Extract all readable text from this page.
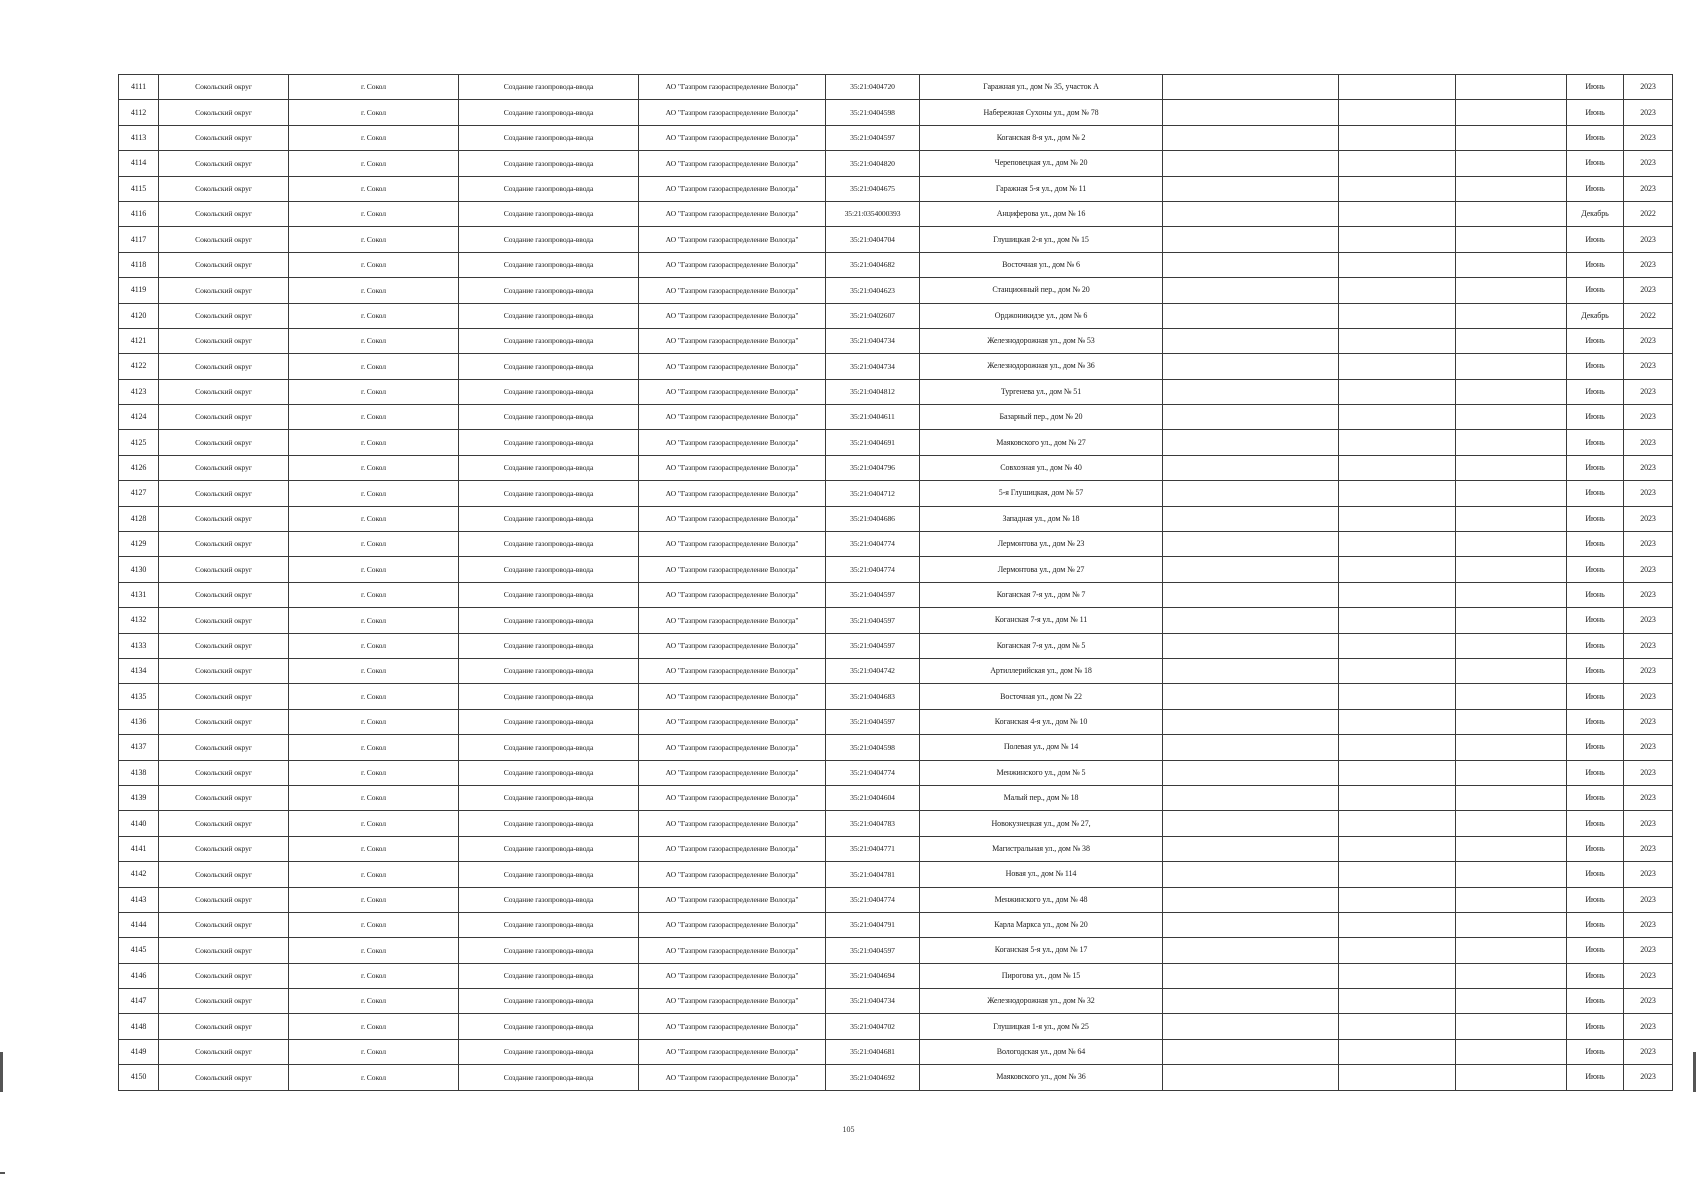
4111	Сокольский округ	г. Сокол	Создание газопровода-ввода	АО "Газпром газораспределение Вологда"	35:21:0404720	Гаражная ул., дом № 35, участок А				Июнь	2023
4112	Сокольский округ	г. Сокол	Создание газопровода-ввода	АО "Газпром газораспределение Вологда"	35:21:0404598	Набережная Сухоны ул., дом № 78				Июнь	2023
4113	Сокольский округ	г. Сокол	Создание газопровода-ввода	АО "Газпром газораспределение Вологда"	35:21:0404597	Коганская 8-я ул., дом № 2				Июнь	2023
4114	Сокольский округ	г. Сокол	Создание газопровода-ввода	АО "Газпром газораспределение Вологда"	35:21:0404820	Череповецкая ул., дом № 20				Июнь	2023
4115	Сокольский округ	г. Сокол	Создание газопровода-ввода	АО "Газпром газораспределение Вологда"	35:21:0404675	Гаражная 5-я ул., дом № 11				Июнь	2023
4116	Сокольский округ	г. Сокол	Создание газопровода-ввода	АО "Газпром газораспределение Вологда"	35:21:0354000393	Анциферова ул., дом № 16				Декабрь	2022
4117	Сокольский округ	г. Сокол	Создание газопровода-ввода	АО "Газпром газораспределение Вологда"	35:21:0404704	Глушицкая 2-я ул., дом № 15				Июнь	2023
4118	Сокольский округ	г. Сокол	Создание газопровода-ввода	АО "Газпром газораспределение Вологда"	35:21:0404682	Восточная ул., дом № 6				Июнь	2023
4119	Сокольский округ	г. Сокол	Создание газопровода-ввода	АО "Газпром газораспределение Вологда"	35:21:0404623	Станционный пер., дом № 20				Июнь	2023
4120	Сокольский округ	г. Сокол	Создание газопровода-ввода	АО "Газпром газораспределение Вологда"	35:21:0402607	Орджоникидзе ул., дом № 6				Декабрь	2022
4121	Сокольский округ	г. Сокол	Создание газопровода-ввода	АО "Газпром газораспределение Вологда"	35:21:0404734	Железнодорожная ул., дом № 53				Июнь	2023
4122	Сокольский округ	г. Сокол	Создание газопровода-ввода	АО "Газпром газораспределение Вологда"	35:21:0404734	Железнодорожная ул., дом № 36				Июнь	2023
4123	Сокольский округ	г. Сокол	Создание газопровода-ввода	АО "Газпром газораспределение Вологда"	35:21:0404812	Тургенева ул., дом № 51				Июнь	2023
4124	Сокольский округ	г. Сокол	Создание газопровода-ввода	АО "Газпром газораспределение Вологда"	35:21:0404611	Базарный пер., дом № 20				Июнь	2023
4125	Сокольский округ	г. Сокол	Создание газопровода-ввода	АО "Газпром газораспределение Вологда"	35:21:0404691	Маяковского ул., дом № 27				Июнь	2023
4126	Сокольский округ	г. Сокол	Создание газопровода-ввода	АО "Газпром газораспределение Вологда"	35:21:0404796	Совхозная ул., дом № 40				Июнь	2023
4127	Сокольский округ	г. Сокол	Создание газопровода-ввода	АО "Газпром газораспределение Вологда"	35:21:0404712	5-я Глушицкая, дом № 57				Июнь	2023
4128	Сокольский округ	г. Сокол	Создание газопровода-ввода	АО "Газпром газораспределение Вологда"	35:21:0404686	Западная ул., дом № 18				Июнь	2023
4129	Сокольский округ	г. Сокол	Создание газопровода-ввода	АО "Газпром газораспределение Вологда"	35:21:0404774	Лермонтова ул., дом № 23				Июнь	2023
4130	Сокольский округ	г. Сокол	Создание газопровода-ввода	АО "Газпром газораспределение Вологда"	35:21:0404774	Лермонтова ул., дом № 27				Июнь	2023
4131	Сокольский округ	г. Сокол	Создание газопровода-ввода	АО "Газпром газораспределение Вологда"	35:21:0404597	Коганская 7-я ул., дом № 7				Июнь	2023
4132	Сокольский округ	г. Сокол	Создание газопровода-ввода	АО "Газпром газораспределение Вологда"	35:21:0404597	Коганская 7-я ул., дом № 11				Июнь	2023
4133	Сокольский округ	г. Сокол	Создание газопровода-ввода	АО "Газпром газораспределение Вологда"	35:21:0404597	Коганская 7-я ул., дом № 5				Июнь	2023
4134	Сокольский округ	г. Сокол	Создание газопровода-ввода	АО "Газпром газораспределение Вологда"	35:21:0404742	Артиллерийская ул., дом № 18				Июнь	2023
4135	Сокольский округ	г. Сокол	Создание газопровода-ввода	АО "Газпром газораспределение Вологда"	35:21:0404683	Восточная ул., дом № 22				Июнь	2023
4136	Сокольский округ	г. Сокол	Создание газопровода-ввода	АО "Газпром газораспределение Вологда"	35:21:0404597	Коганская 4-я ул., дом № 10				Июнь	2023
4137	Сокольский округ	г. Сокол	Создание газопровода-ввода	АО "Газпром газораспределение Вологда"	35:21:0404598	Полевая ул., дом № 14				Июнь	2023
4138	Сокольский округ	г. Сокол	Создание газопровода-ввода	АО "Газпром газораспределение Вологда"	35:21:0404774	Менжинского ул., дом № 5				Июнь	2023
4139	Сокольский округ	г. Сокол	Создание газопровода-ввода	АО "Газпром газораспределение Вологда"	35:21:0404604	Малый пер., дом № 18				Июнь	2023
4140	Сокольский округ	г. Сокол	Создание газопровода-ввода	АО "Газпром газораспределение Вологда"	35:21:0404783	Новокузнецкая ул., дом № 27,				Июнь	2023
4141	Сокольский округ	г. Сокол	Создание газопровода-ввода	АО "Газпром газораспределение Вологда"	35:21:0404771	Магистральная ул., дом № 38				Июнь	2023
4142	Сокольский округ	г. Сокол	Создание газопровода-ввода	АО "Газпром газораспределение Вологда"	35:21:0404781	Новая ул., дом № 114				Июнь	2023
4143	Сокольский округ	г. Сокол	Создание газопровода-ввода	АО "Газпром газораспределение Вологда"	35:21:0404774	Менжинского ул., дом № 48				Июнь	2023
4144	Сокольский округ	г. Сокол	Создание газопровода-ввода	АО "Газпром газораспределение Вологда"	35:21:0404791	Карла Маркса ул., дом № 20				Июнь	2023
4145	Сокольский округ	г. Сокол	Создание газопровода-ввода	АО "Газпром газораспределение Вологда"	35:21:0404597	Коганская 5-я ул., дом № 17				Июнь	2023
4146	Сокольский округ	г. Сокол	Создание газопровода-ввода	АО "Газпром газораспределение Вологда"	35:21:0404694	Пирогова ул., дом № 15				Июнь	2023
4147	Сокольский округ	г. Сокол	Создание газопровода-ввода	АО "Газпром газораспределение Вологда"	35:21:0404734	Железнодорожная ул., дом № 32				Июнь	2023
4148	Сокольский округ	г. Сокол	Создание газопровода-ввода	АО "Газпром газораспределение Вологда"	35:21:0404702	Глушицкая 1-я ул., дом № 25				Июнь	2023
4149	Сокольский округ	г. Сокол	Создание газопровода-ввода	АО "Газпром газораспределение Вологда"	35:21:0404681	Вологодская ул., дом № 64				Июнь	2023
4150	Сокольский округ	г. Сокол	Создание газопровода-ввода	АО "Газпром газораспределение Вологда"	35:21:0404692	Маяковского ул., дом № 36				Июнь	2023
105
